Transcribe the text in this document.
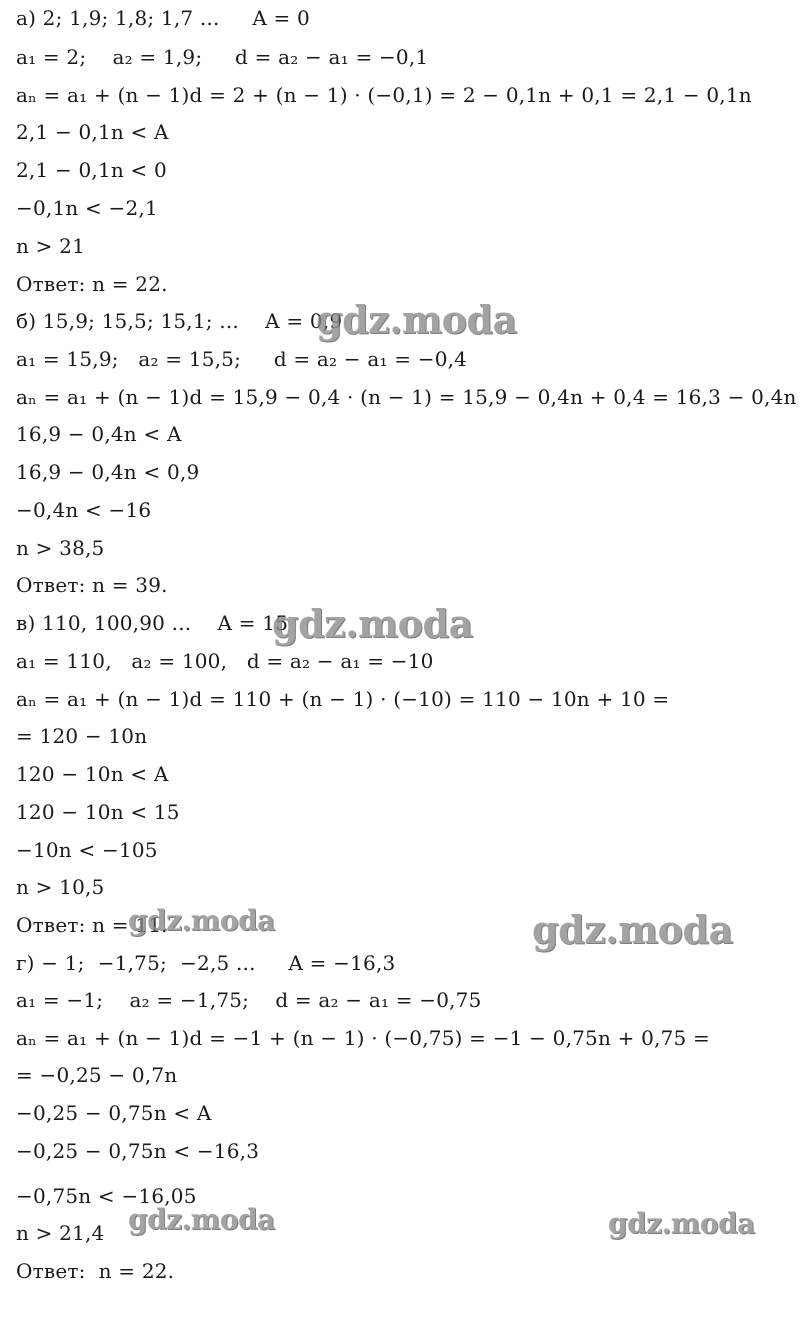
а) 2; 1,9; 1,8; 1,7 ...     A = 0
a₁ = 2;    a₂ = 1,9;     d = a₂ − a₁ = −0,1
aₙ = a₁ + (n − 1)d = 2 + (n − 1) · (−0,1) = 2 − 0,1n + 0,1 = 2,1 − 0,1n
2,1 − 0,1n < A
2,1 − 0,1n < 0
−0,1n < −2,1
n > 21
Ответ: n = 22.
б) 15,9; 15,5; 15,1; ...    A = 0,9
a₁ = 15,9;   a₂ = 15,5;     d = a₂ − a₁ = −0,4
aₙ = a₁ + (n − 1)d = 15,9 − 0,4 · (n − 1) = 15,9 − 0,4n + 0,4 = 16,3 − 0,4n
16,9 − 0,4n < A
16,9 − 0,4n < 0,9
−0,4n < −16
n > 38,5
Ответ: n = 39.
в) 110, 100,90 ...    A = 15
a₁ = 110,   a₂ = 100,   d = a₂ − a₁ = −10
aₙ = a₁ + (n − 1)d = 110 + (n − 1) · (−10) = 110 − 10n + 10 =
= 120 − 10n
120 − 10n < A
120 − 10n < 15
−10n < −105
n > 10,5
Ответ: n = 11.
г) − 1;  −1,75;  −2,5 ...     A = −16,3
a₁ = −1;    a₂ = −1,75;    d = a₂ − a₁ = −0,75
aₙ = a₁ + (n − 1)d = −1 + (n − 1) · (−0,75) = −1 − 0,75n + 0,75 =
= −0,25 − 0,7n
−0,25 − 0,75n < A
−0,25 − 0,75n < −16,3
−0,75n < −16,05
n > 21,4
Ответ:  n = 22.
gdz.moda
gdz.moda
gdz.moda	gdz.moda
gdz.moda	gdz.moda
